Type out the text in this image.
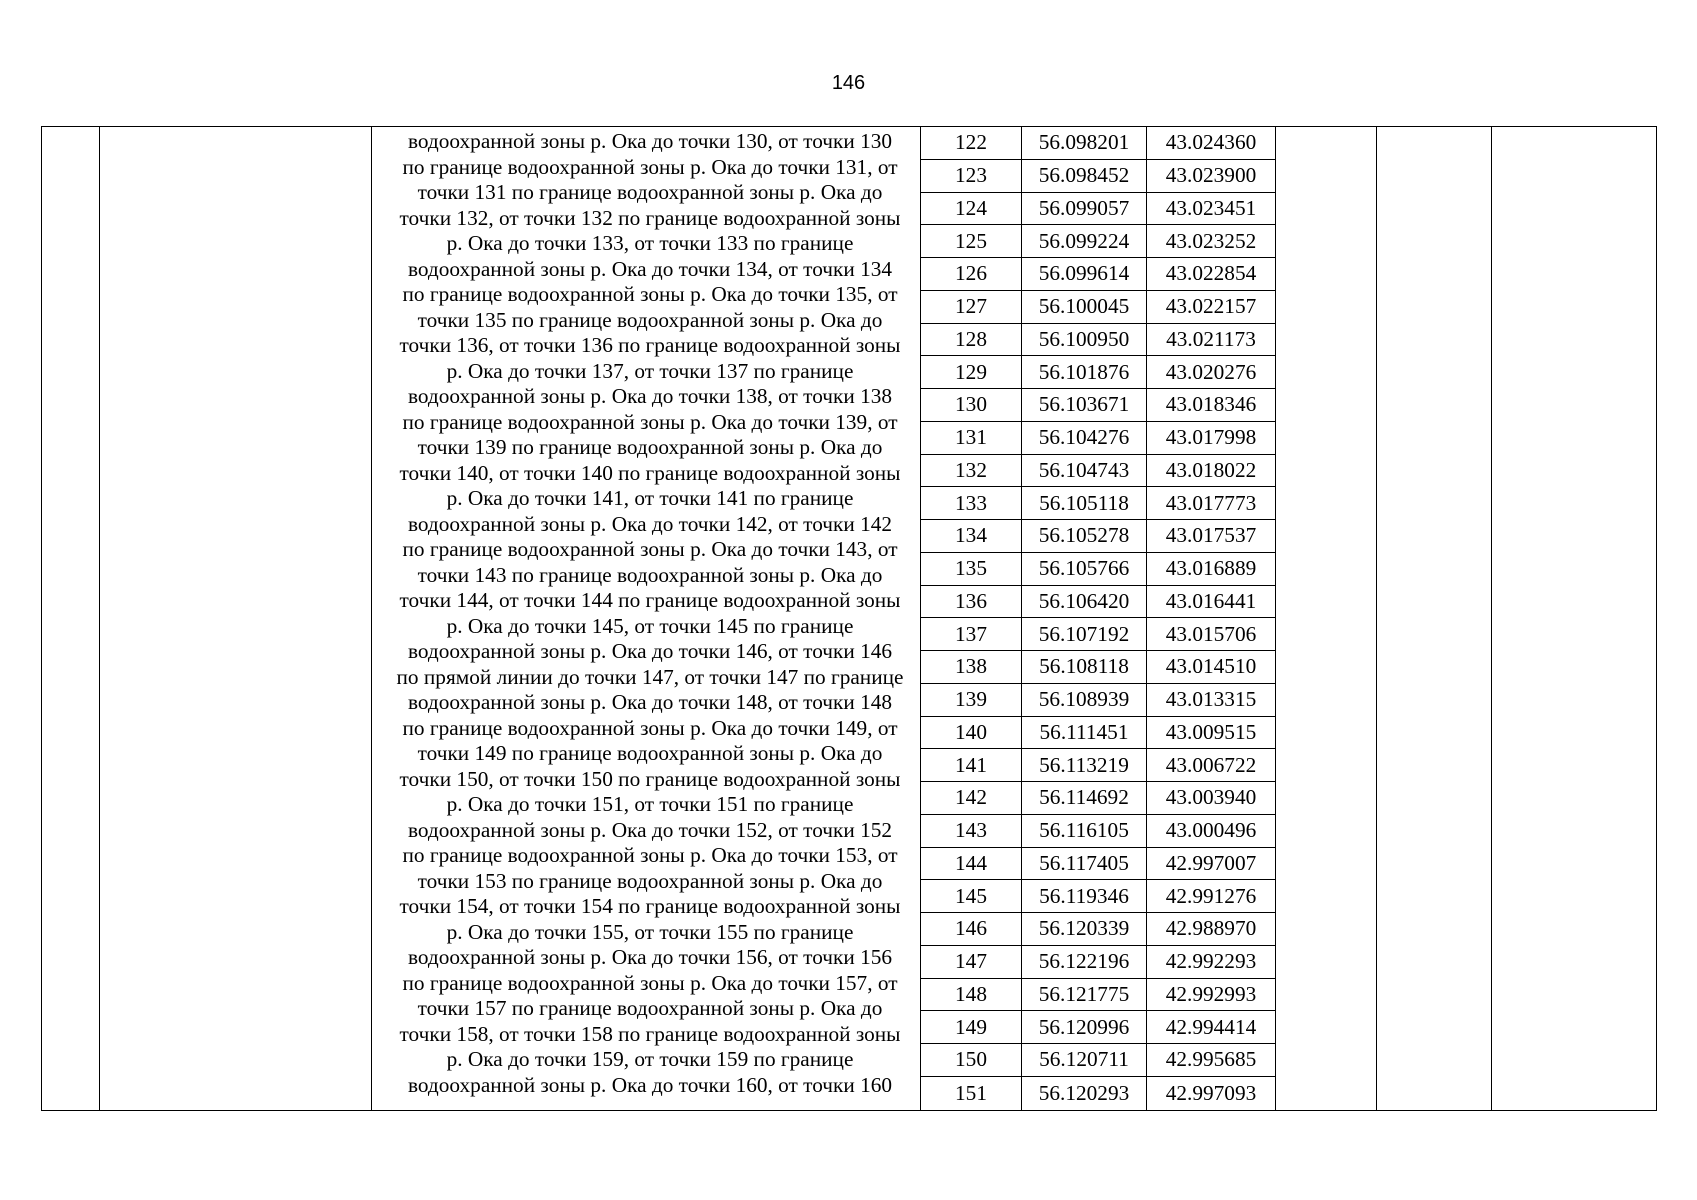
146
водоохранной зоны р. Ока до точки 130, от точки 130
по границе водоохранной зоны р. Ока до точки 131, от
точки 131 по границе водоохранной зоны р. Ока до
точки 132, от точки 132 по границе водоохранной зоны
р. Ока до точки 133, от точки 133 по границе
водоохранной зоны р. Ока до точки 134, от точки 134
по границе водоохранной зоны р. Ока до точки 135, от
точки 135 по границе водоохранной зоны р. Ока до
точки 136, от точки 136 по границе водоохранной зоны
р. Ока до точки 137, от точки 137 по границе
водоохранной зоны р. Ока до точки 138, от точки 138
по границе водоохранной зоны р. Ока до точки 139, от
точки 139 по границе водоохранной зоны р. Ока до
точки 140, от точки 140 по границе водоохранной зоны
р. Ока до точки 141, от точки 141 по границе
водоохранной зоны р. Ока до точки 142, от точки 142
по границе водоохранной зоны р. Ока до точки 143, от
точки 143 по границе водоохранной зоны р. Ока до
точки 144, от точки 144 по границе водоохранной зоны
р. Ока до точки 145, от точки 145 по границе
водоохранной зоны р. Ока до точки 146, от точки 146
по прямой линии до точки 147, от точки 147 по границе
водоохранной зоны р. Ока до точки 148, от точки 148
по границе водоохранной зоны р. Ока до точки 149, от
точки 149 по границе водоохранной зоны р. Ока до
точки 150, от точки 150 по границе водоохранной зоны
р. Ока до точки 151, от точки 151 по границе
водоохранной зоны р. Ока до точки 152, от точки 152
по границе водоохранной зоны р. Ока до точки 153, от
точки 153 по границе водоохранной зоны р. Ока до
точки 154, от точки 154 по границе водоохранной зоны
р. Ока до точки 155, от точки 155 по границе
водоохранной зоны р. Ока до точки 156, от точки 156
по границе водоохранной зоны р. Ока до точки 157, от
точки 157 по границе водоохранной зоны р. Ока до
точки 158, от точки 158 по границе водоохранной зоны
р. Ока до точки 159, от точки 159 по границе
водоохранной зоны р. Ока до точки 160, от точки 160
122	56.098201	43.024360
123	56.098452	43.023900
124	56.099057	43.023451
125	56.099224	43.023252
126	56.099614	43.022854
127	56.100045	43.022157
128	56.100950	43.021173
129	56.101876	43.020276
130	56.103671	43.018346
131	56.104276	43.017998
132	56.104743	43.018022
133	56.105118	43.017773
134	56.105278	43.017537
135	56.105766	43.016889
136	56.106420	43.016441
137	56.107192	43.015706
138	56.108118	43.014510
139	56.108939	43.013315
140	56.111451	43.009515
141	56.113219	43.006722
142	56.114692	43.003940
143	56.116105	43.000496
144	56.117405	42.997007
145	56.119346	42.991276
146	56.120339	42.988970
147	56.122196	42.992293
148	56.121775	42.992993
149	56.120996	42.994414
150	56.120711	42.995685
151	56.120293	42.997093
